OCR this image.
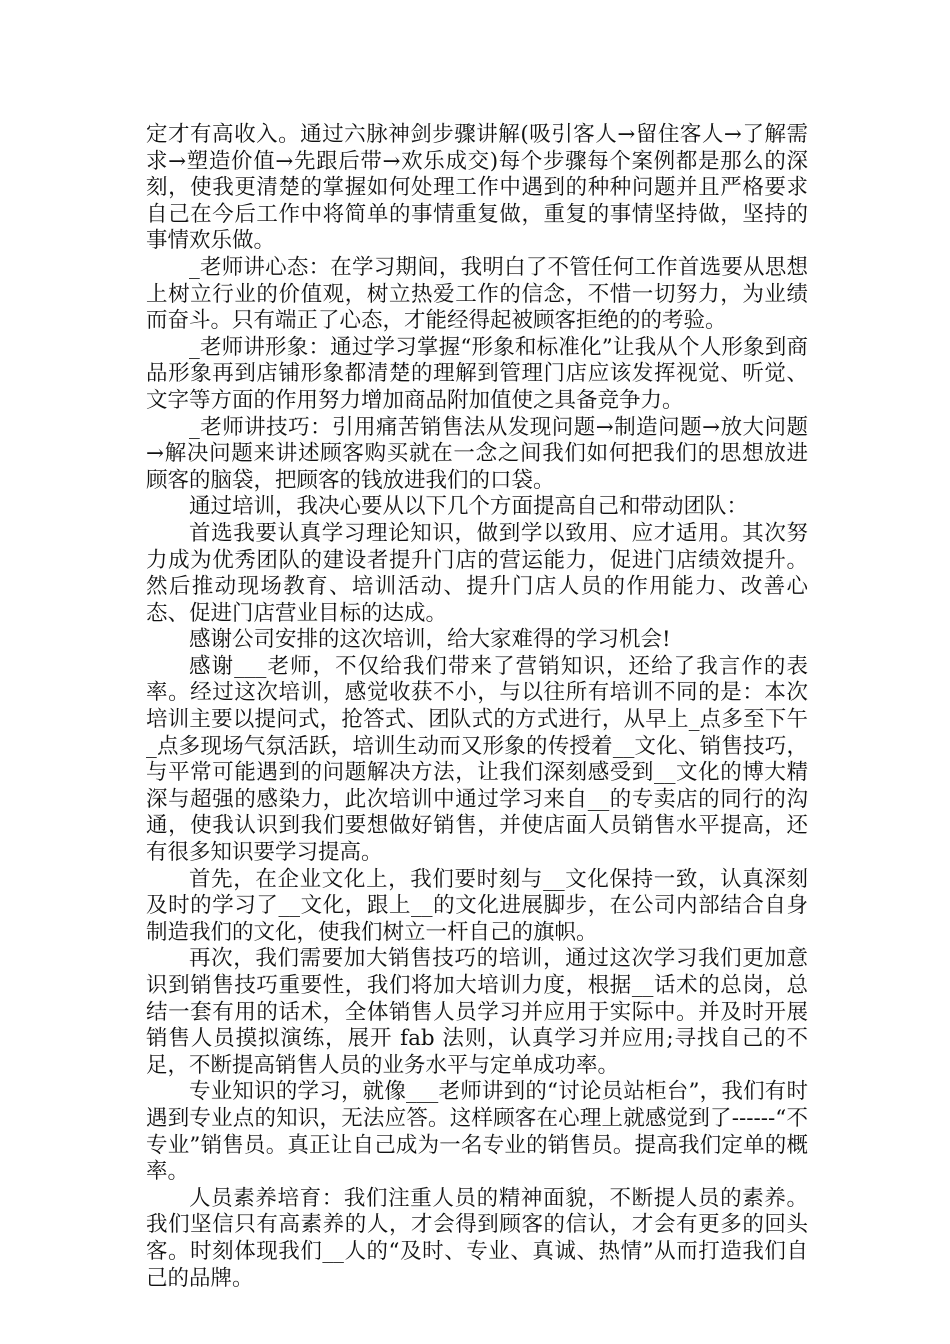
定才有高收入。通过六脉神剑步骤讲解(吸引客人→留住客人→了解需求→塑造价值→先跟后带→欢乐成交)每个步骤每个案例都是那么的深刻，使我更清楚的掌握如何处理工作中遇到的种种问题并且严格要求自己在今后工作中将简单的事情重复做，重复的事情坚持做，坚持的事情欢乐做。

_老师讲心态：在学习期间，我明白了不管任何工作首选要从思想上树立行业的价值观，树立热爱工作的信念，不惜一切努力，为业绩而奋斗。只有端正了心态，才能经得起被顾客拒绝的的考验。

_老师讲形象：通过学习掌握“形象和标准化”让我从个人形象到商品形象再到店铺形象都清楚的理解到管理门店应该发挥视觉、听觉、文字等方面的作用努力增加商品附加值使之具备竞争力。

_老师讲技巧：引用痛苦销售法从发现问题→制造问题→放大问题→解决问题来讲述顾客购买就在一念之间我们如何把我们的思想放进顾客的脑袋，把顾客的钱放进我们的口袋。

通过培训，我决心要从以下几个方面提高自己和带动团队：

首选我要认真学习理论知识，做到学以致用、应才适用。其次努力成为优秀团队的建设者提升门店的营运能力，促进门店绩效提升。然后推动现场教育、培训活动、提升门店人员的作用能力、改善心态、促进门店营业目标的达成。

感谢公司安排的这次培训，给大家难得的学习机会!

感谢___老师，不仅给我们带来了营销知识，还给了我言作的表率。经过这次培训，感觉收获不小，与以往所有培训不同的是：本次培训主要以提问式，抢答式、团队式的方式进行，从早上_点多至下午_点多现场气氛活跃，培训生动而又形象的传授着__文化、销售技巧，与平常可能遇到的问题解决方法，让我们深刻感受到__文化的博大精深与超强的感染力，此次培训中通过学习来自__的专卖店的同行的沟通，使我认识到我们要想做好销售，并使店面人员销售水平提高，还有很多知识要学习提高。

首先，在企业文化上，我们要时刻与__文化保持一致，认真深刻及时的学习了__文化，跟上__的文化进展脚步，在公司内部结合自身制造我们的文化，使我们树立一杆自己的旗帜。

再次，我们需要加大销售技巧的培训，通过这次学习我们更加意识到销售技巧重要性，我们将加大培训力度，根据__话术的总岗，总结一套有用的话术，全体销售人员学习并应用于实际中。并及时开展销售人员摸拟演练，展开 fab 法则，认真学习并应用;寻找自己的不足，不断提高销售人员的业务水平与定单成功率。

专业知识的学习，就像___老师讲到的“讨论员站柜台”，我们有时遇到专业点的知识，无法应答。这样顾客在心理上就感觉到了------“不专业”销售员。真正让自己成为一名专业的销售员。提高我们定单的概率。

人员素养培育：我们注重人员的精神面貌，不断提人员的素养。我们坚信只有高素养的人，才会得到顾客的信认，才会有更多的回头客。时刻体现我们__人的“及时、专业、真诚、热情”从而打造我们自己的品牌。
